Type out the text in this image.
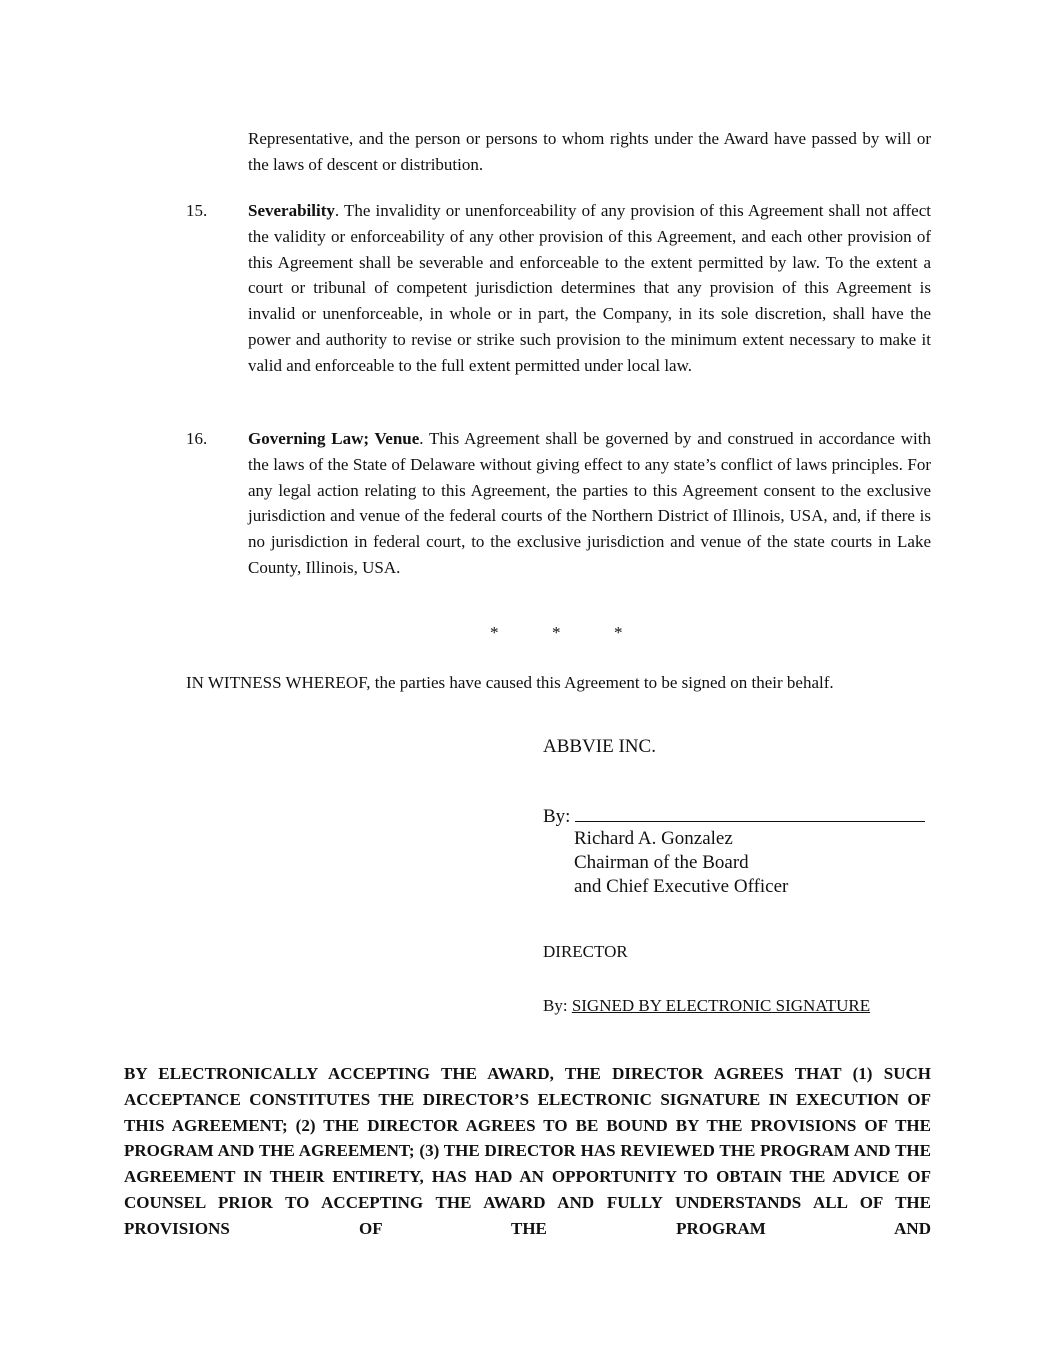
Representative, and the person or persons to whom rights under the Award have passed by will or the laws of descent or distribution.
15. Severability. The invalidity or unenforceability of any provision of this Agreement shall not affect the validity or enforceability of any other provision of this Agreement, and each other provision of this Agreement shall be severable and enforceable to the extent permitted by law. To the extent a court or tribunal of competent jurisdiction determines that any provision of this Agreement is invalid or unenforceable, in whole or in part, the Company, in its sole discretion, shall have the power and authority to revise or strike such provision to the minimum extent necessary to make it valid and enforceable to the full extent permitted under local law.
16. Governing Law; Venue. This Agreement shall be governed by and construed in accordance with the laws of the State of Delaware without giving effect to any state’s conflict of laws principles. For any legal action relating to this Agreement, the parties to this Agreement consent to the exclusive jurisdiction and venue of the federal courts of the Northern District of Illinois, USA, and, if there is no jurisdiction in federal court, to the exclusive jurisdiction and venue of the state courts in Lake County, Illinois, USA.
*	*	*
IN WITNESS WHEREOF, the parties have caused this Agreement to be signed on their behalf.
ABBVIE INC.
By:
Richard A. Gonzalez
Chairman of the Board
and Chief Executive Officer
DIRECTOR
By: SIGNED BY ELECTRONIC SIGNATURE
BY ELECTRONICALLY ACCEPTING THE AWARD, THE DIRECTOR AGREES THAT (1) SUCH ACCEPTANCE CONSTITUTES THE DIRECTOR’S ELECTRONIC SIGNATURE IN EXECUTION OF THIS AGREEMENT; (2) THE DIRECTOR AGREES TO BE BOUND BY THE PROVISIONS OF THE PROGRAM AND THE AGREEMENT; (3) THE DIRECTOR HAS REVIEWED THE PROGRAM AND THE AGREEMENT IN THEIR ENTIRETY, HAS HAD AN OPPORTUNITY TO OBTAIN THE ADVICE OF COUNSEL PRIOR TO ACCEPTING THE AWARD AND FULLY UNDERSTANDS ALL OF THE PROVISIONS OF THE PROGRAM AND
